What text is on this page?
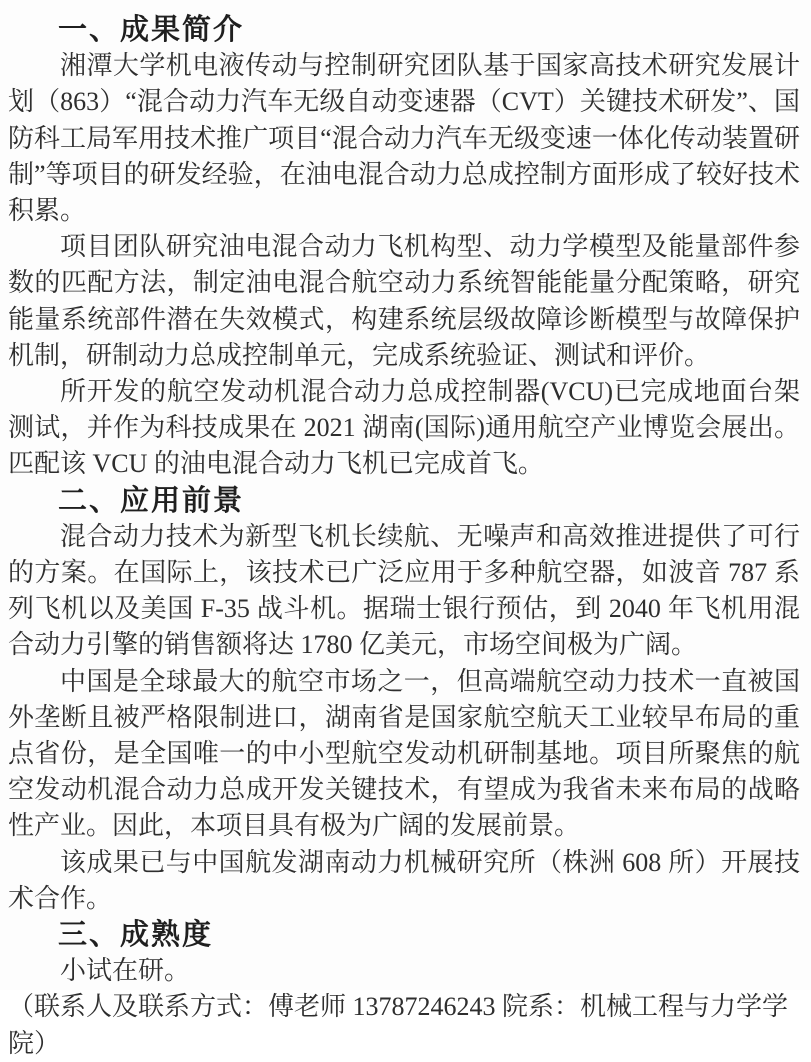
一、成果简介

湘潭大学机电液传动与控制研究团队基于国家高技术研究发展计划（863）“混合动力汽车无级自动变速器（CVT）关键技术研发”、国防科工局军用技术推广项目“混合动力汽车无级变速一体化传动装置研制”等项目的研发经验，在油电混合动力总成控制方面形成了较好技术积累。

项目团队研究油电混合动力飞机构型、动力学模型及能量部件参数的匹配方法，制定油电混合航空动力系统智能能量分配策略，研究能量系统部件潜在失效模式，构建系统层级故障诊断模型与故障保护机制，研制动力总成控制单元，完成系统验证、测试和评价。

所开发的航空发动机混合动力总成控制器(VCU)已完成地面台架测试，并作为科技成果在 2021 湖南(国际)通用航空产业博览会展出。匹配该 VCU 的油电混合动力飞机已完成首飞。

二、应用前景

混合动力技术为新型飞机长续航、无噪声和高效推进提供了可行的方案。在国际上，该技术已广泛应用于多种航空器，如波音 787 系列飞机以及美国 F-35 战斗机。据瑞士银行预估，到 2040 年飞机用混合动力引擎的销售额将达 1780 亿美元，市场空间极为广阔。

中国是全球最大的航空市场之一，但高端航空动力技术一直被国外垄断且被严格限制进口，湖南省是国家航空航天工业较早布局的重点省份，是全国唯一的中小型航空发动机研制基地。项目所聚焦的航空发动机混合动力总成开发关键技术，有望成为我省未来布局的战略性产业。因此，本项目具有极为广阔的发展前景。

该成果已与中国航发湖南动力机械研究所（株洲 608 所）开展技术合作。

三、成熟度

小试在研。

（联系人及联系方式：傅老师 13787246243 院系：机械工程与力学学院）
